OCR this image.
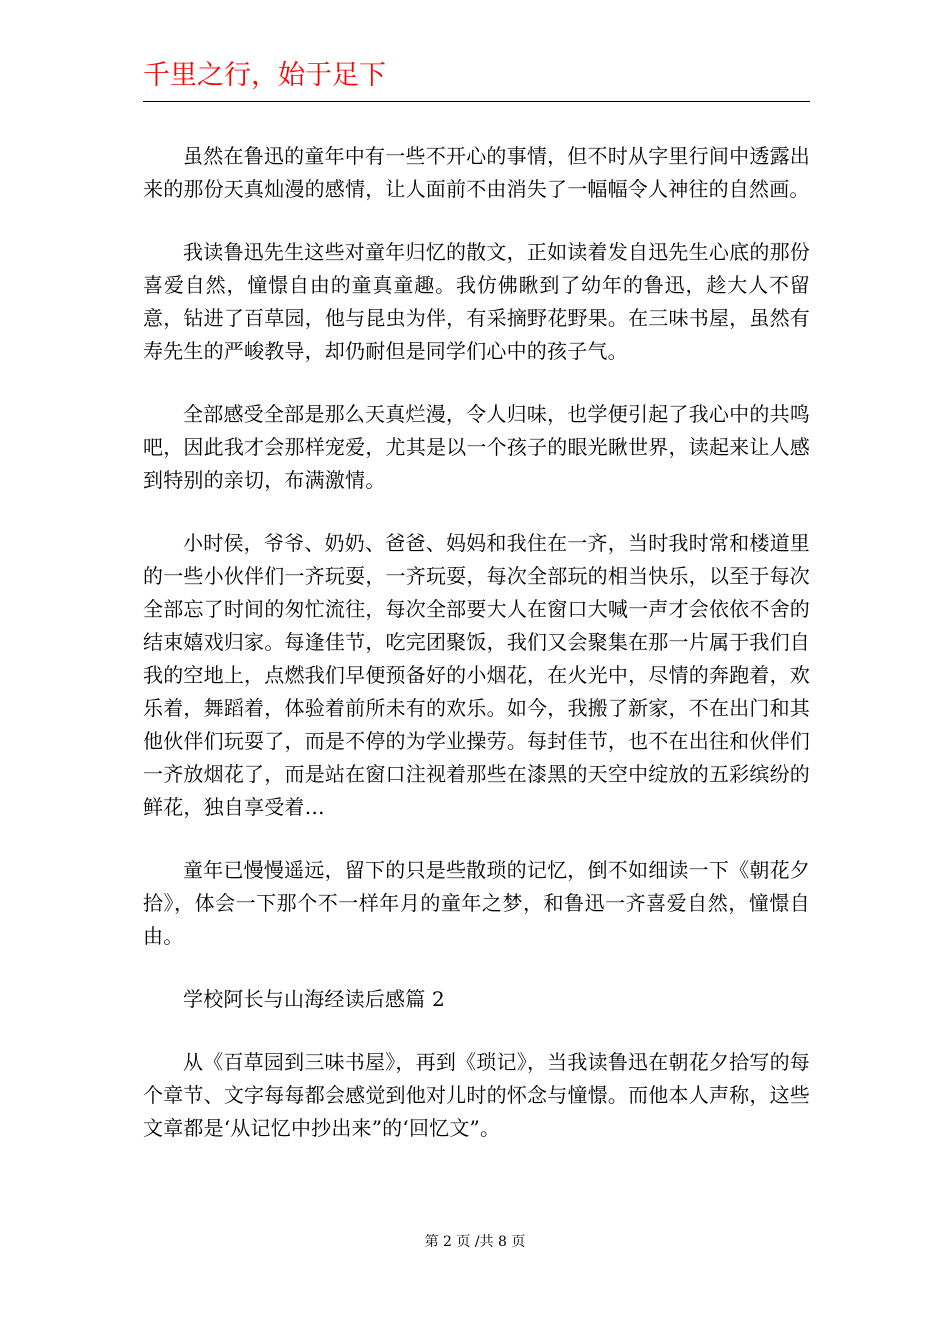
千里之行，始于足下

虽然在鲁迅的童年中有一些不开心的事情，但不时从字里行间中透露出来的那份天真灿漫的感情，让人面前不由消失了一幅幅令人神往的自然画。

我读鲁迅先生这些对童年归忆的散文，正如读着发自迅先生心底的那份喜爱自然，憧憬自由的童真童趣。我仿佛瞅到了幼年的鲁迅，趁大人不留意，钻进了百草园，他与昆虫为伴，有采摘野花野果。在三味书屋，虽然有寿先生的严峻教导，却仍耐但是同学们心中的孩子气。

全部感受全部是那么天真烂漫，令人归味，也学便引起了我心中的共鸣吧，因此我才会那样宠爱，尤其是以一个孩子的眼光瞅世界，读起来让人感到特别的亲切，布满激情。

小时侯，爷爷、奶奶、爸爸、妈妈和我住在一齐，当时我时常和楼道里的一些小伙伴们一齐玩耍，一齐玩耍，每次全部玩的相当快乐，以至于每次全部忘了时间的匆忙流往，每次全部要大人在窗口大喊一声才会依依不舍的结束嬉戏归家。每逢佳节，吃完团聚饭，我们又会聚集在那一片属于我们自我的空地上，点燃我们早便预备好的小烟花，在火光中，尽情的奔跑着，欢乐着，舞蹈着，体验着前所未有的欢乐。如今，我搬了新家，不在出门和其他伙伴们玩耍了，而是不停的为学业操劳。每封佳节，也不在出往和伙伴们一齐放烟花了，而是站在窗口注视着那些在漆黑的天空中绽放的五彩缤纷的鲜花，独自享受着…

童年已慢慢遥远，留下的只是些散琐的记忆，倒不如细读一下《朝花夕拾》，体会一下那个不一样年月的童年之梦，和鲁迅一齐喜爱自然，憧憬自由。

学校阿长与山海经读后感篇 2

从《百草园到三味书屋》，再到《琐记》，当我读鲁迅在朝花夕拾写的每个章节、文字每每都会感觉到他对儿时的怀念与憧憬。而他本人声称，这些文章都是‘从记忆中抄出来”的‘回忆文”。

第 2 页 /共 8 页
